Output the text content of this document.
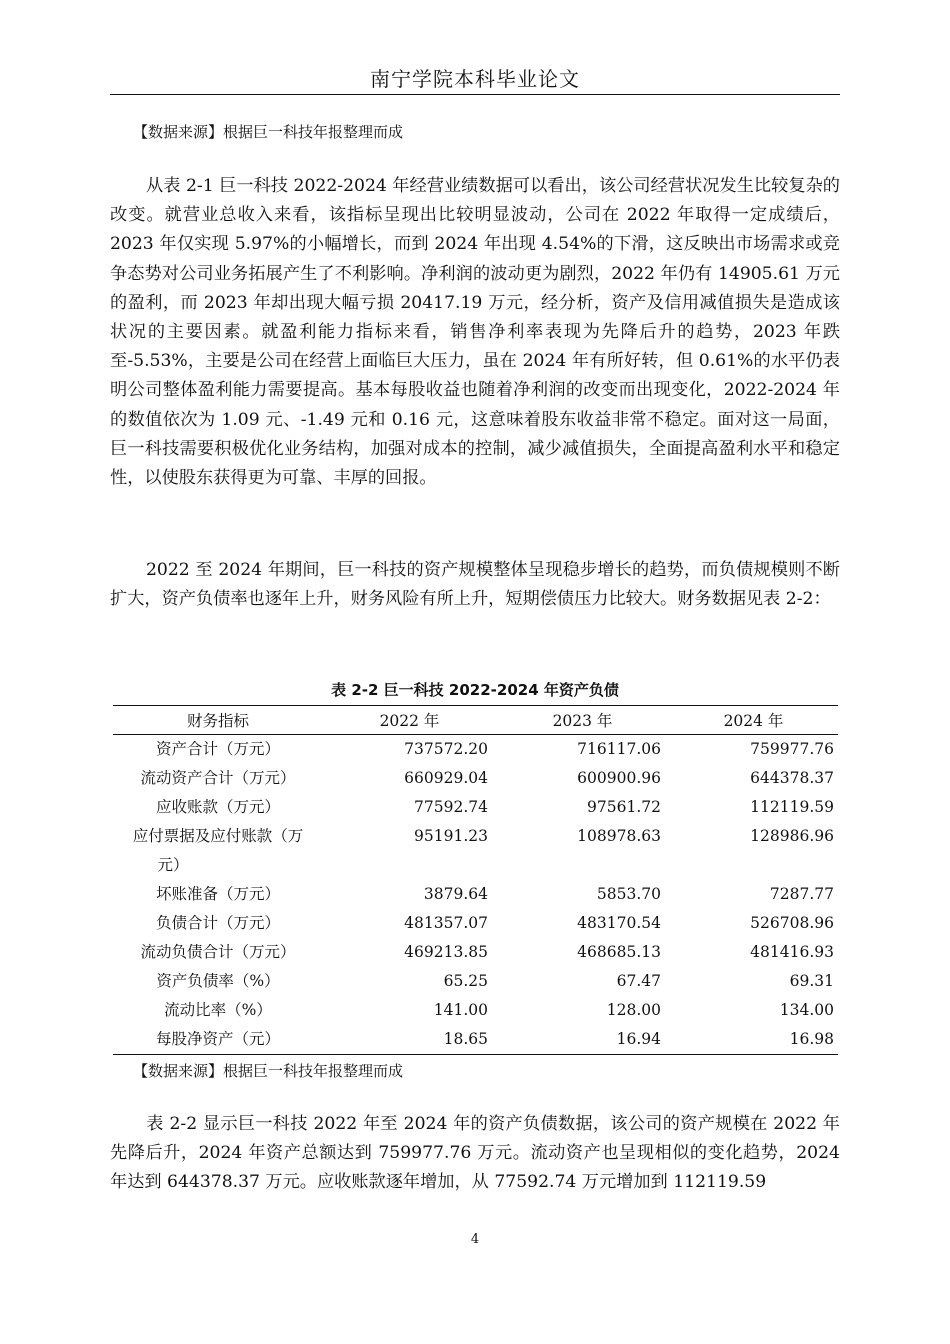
南宁学院本科毕业论文
【数据来源】根据巨一科技年报整理而成

从表 2-1 巨一科技 2022-2024 年经营业绩数据可以看出，该公司经营状况发生比较复杂的改变。就营业总收入来看，该指标呈现出比较明显波动，公司在 2022 年取得一定成绩后，2023 年仅实现 5.97%的小幅增长，而到 2024 年出现 4.54%的下滑，这反映出市场需求或竞争态势对公司业务拓展产生了不利影响。净利润的波动更为剧烈，2022 年仍有 14905.61 万元的盈利，而 2023 年却出现大幅亏损 20417.19 万元，经分析，资产及信用减值损失是造成该状况的主要因素。就盈利能力指标来看，销售净利率表现为先降后升的趋势，2023 年跌至-5.53%，主要是公司在经营上面临巨大压力，虽在 2024 年有所好转，但 0.61%的水平仍表明公司整体盈利能力需要提高。基本每股收益也随着净利润的改变而出现变化，2022-2024 年的数值依次为 1.09 元、-1.49 元和 0.16 元，这意味着股东收益非常不稳定。面对这一局面，巨一科技需要积极优化业务结构，加强对成本的控制，减少减值损失，全面提高盈利水平和稳定性，以使股东获得更为可靠、丰厚的回报。

2022 至 2024 年期间，巨一科技的资产规模整体呈现稳步增长的趋势，而负债规模则不断扩大，资产负债率也逐年上升，财务风险有所上升，短期偿债压力比较大。财务数据见表 2-2：

表 2-2 巨一科技 2022-2024 年资产负债
财务指标	2022 年	2023 年	2024 年
资产合计（万元）	737572.20	716117.06	759977.76
流动资产合计（万元）	660929.04	600900.96	644378.37
应收账款（万元）	77592.74	97561.72	112119.59
应付票据及应付账款（万
元）	95191.23	108978.63	128986.96
坏账准备（万元）	3879.64	5853.70	7287.77
负债合计（万元）	481357.07	483170.54	526708.96
流动负债合计（万元）	469213.85	468685.13	481416.93
资产负债率（%）	65.25	67.47	69.31
流动比率（%）	141.00	128.00	134.00
每股净资产（元）	18.65	16.94	16.98
【数据来源】根据巨一科技年报整理而成

表 2-2 显示巨一科技 2022 年至 2024 年的资产负债数据，该公司的资产规模在 2022 年先降后升，2024 年资产总额达到 759977.76 万元。流动资产也呈现相似的变化趋势，2024 年达到 644378.37 万元。应收账款逐年增加，从 77592.74 万元增加到 112119.59

4
